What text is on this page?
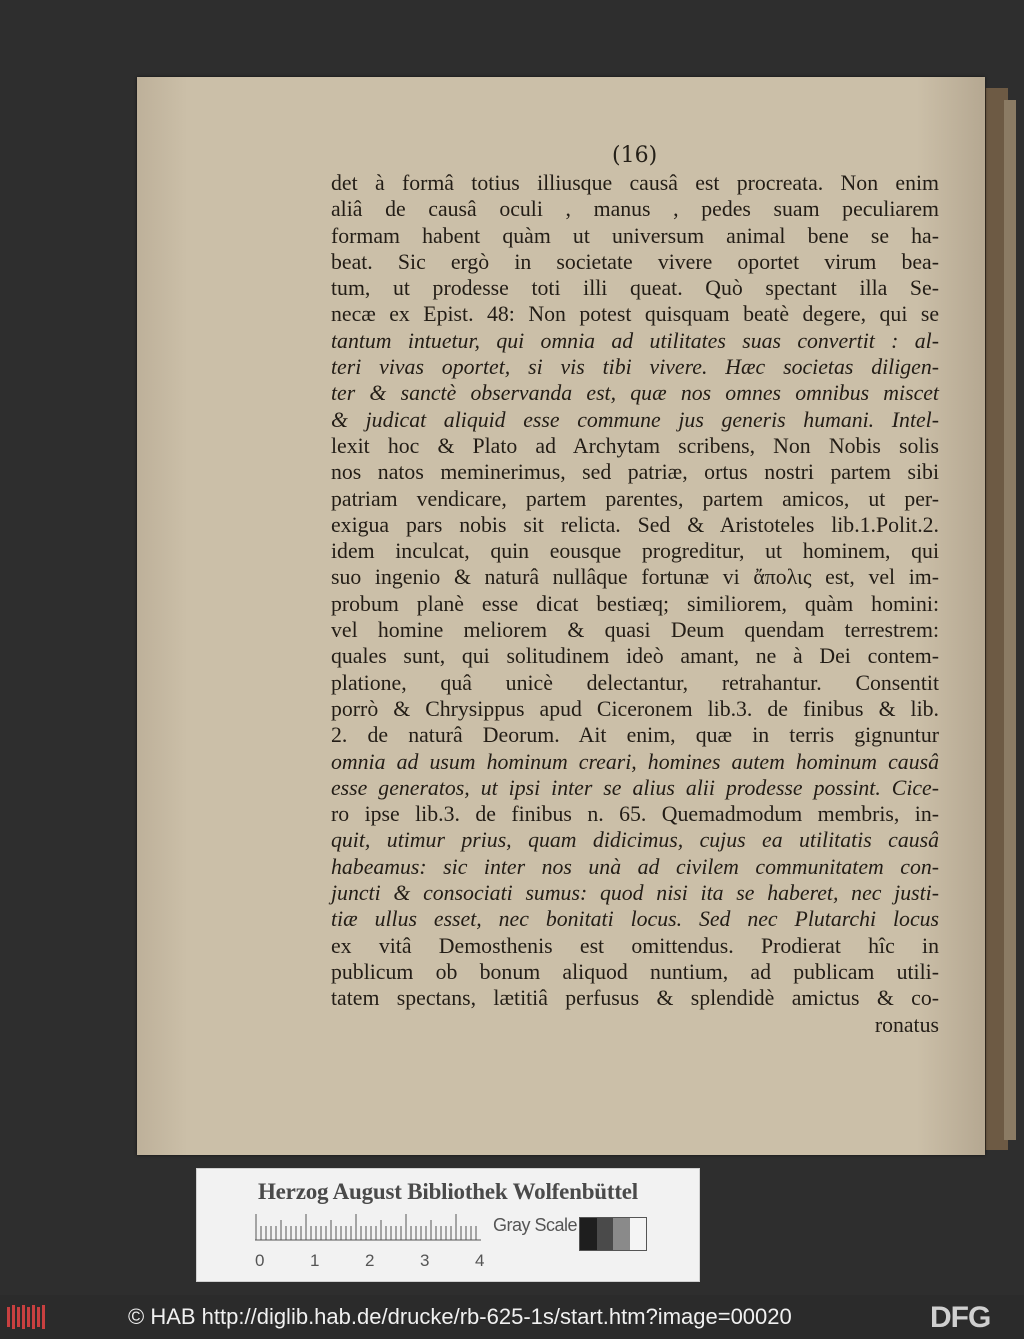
(16)
det à formâ totius illiusque causâ est procreata. Non enim
aliâ de causâ oculi , manus , pedes suam peculiarem
formam habent quàm ut universum animal bene se ha-
beat. Sic ergò in societate vivere oportet virum bea-
tum, ut prodesse toti illi queat. Quò spectant illa Se-
necæ ex Epist. 48: Non potest quisquam beatè degere, qui se
tantum intuetur, qui omnia ad utilitates suas convertit : al-
teri vivas oportet, si vis tibi vivere. Hæc societas diligen-
ter & sanctè observanda est, quæ nos omnes omnibus miscet
& judicat aliquid esse commune jus generis humani. Intel-
lexit hoc & Plato ad Archytam scribens, Non Nobis solis
nos natos meminerimus, sed patriæ, ortus nostri partem sibi
patriam vendicare, partem parentes, partem amicos, ut per-
exigua pars nobis sit relicta. Sed & Aristoteles lib.1.Polit.2.
idem inculcat, quin eousque progreditur, ut hominem, qui
suo ingenio & naturâ nullâque fortunæ vi ἄπολις est, vel im-
probum planè esse dicat bestiæq; similiorem, quàm homini:
vel homine meliorem & quasi Deum quendam terrestrem:
quales sunt, qui solitudinem ideò amant, ne à Dei contem-
platione, quâ unicè delectantur, retrahantur. Consentit
porrò & Chrysippus apud Ciceronem lib.3. de finibus & lib.
2. de naturâ Deorum. Ait enim, quæ in terris gignuntur
omnia ad usum hominum creari, homines autem hominum causâ
esse generatos, ut ipsi inter se alius alii prodesse possint. Cice-
ro ipse lib.3. de finibus n. 65. Quemadmodum membris, in-
quit, utimur prius, quam didicimus, cujus ea utilitatis causâ
habeamus: sic inter nos unà ad civilem communitatem con-
juncti & consociati sumus: quod nisi ita se haberet, nec justi-
tiæ ullus esset, nec bonitati locus. Sed nec Plutarchi locus
ex vitâ Demosthenis est omittendus. Prodierat hîc in
publicum ob bonum aliquod nuntium, ad publicam utili-
tatem spectans, lætitiâ perfusus & splendidè amictus & co-
ronatus
Herzog August Bibliothek Wolfenbüttel
Gray Scale
0	1	2	3	4
© HAB http://diglib.hab.de/drucke/rb-625-1s/start.htm?image=00020	DFG
